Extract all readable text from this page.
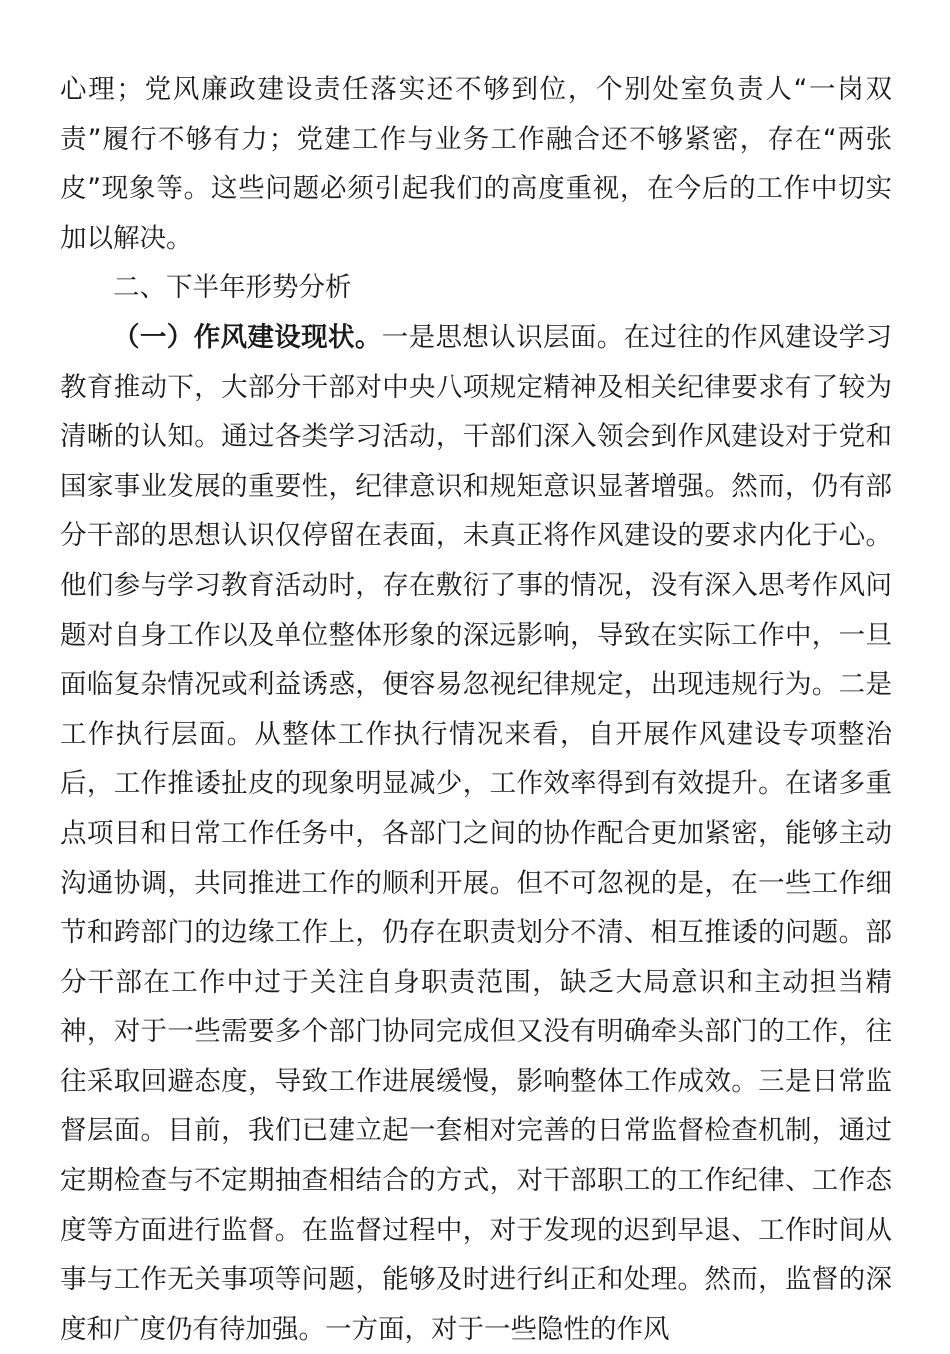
心理；党风廉政建设责任落实还不够到位，个别处室负责人“一岗双责”履行不够有力；党建工作与业务工作融合还不够紧密，存在“两张皮”现象等。这些问题必须引起我们的高度重视，在今后的工作中切实加以解决。

二、下半年形势分析

（一）作风建设现状。一是思想认识层面。在过往的作风建设学习教育推动下，大部分干部对中央八项规定精神及相关纪律要求有了较为清晰的认知。通过各类学习活动，干部们深入领会到作风建设对于党和国家事业发展的重要性，纪律意识和规矩意识显著增强。然而，仍有部分干部的思想认识仅停留在表面，未真正将作风建设的要求内化于心。他们参与学习教育活动时，存在敷衍了事的情况，没有深入思考作风问题对自身工作以及单位整体形象的深远影响，导致在实际工作中，一旦面临复杂情况或利益诱惑，便容易忽视纪律规定，出现违规行为。二是工作执行层面。从整体工作执行情况来看，自开展作风建设专项整治后，工作推诿扯皮的现象明显减少，工作效率得到有效提升。在诸多重点项目和日常工作任务中，各部门之间的协作配合更加紧密，能够主动沟通协调，共同推进工作的顺利开展。但不可忽视的是，在一些工作细节和跨部门的边缘工作上，仍存在职责划分不清、相互推诿的问题。部分干部在工作中过于关注自身职责范围，缺乏大局意识和主动担当精神，对于一些需要多个部门协同完成但又没有明确牵头部门的工作，往往采取回避态度，导致工作进展缓慢，影响整体工作成效。三是日常监督层面。目前，我们已建立起一套相对完善的日常监督检查机制，通过定期检查与不定期抽查相结合的方式，对干部职工的工作纪律、工作态度等方面进行监督。在监督过程中，对于发现的迟到早退、工作时间从事与工作无关事项等问题，能够及时进行纠正和处理。然而，监督的深度和广度仍有待加强。一方面，对于一些隐性的作风
